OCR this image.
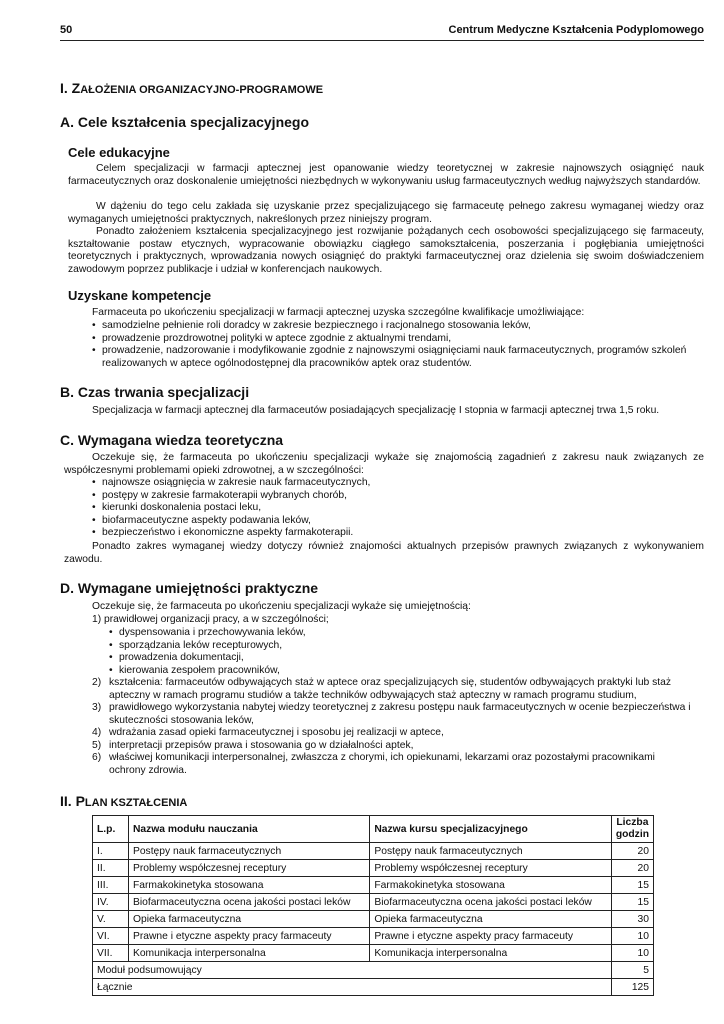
50	Centrum Medyczne Kształcenia Podyplomowego
I. ZAŁOŻENIA ORGANIZACYJNO-PROGRAMOWE
A. Cele kształcenia specjalizacyjnego
Cele edukacyjne

Celem specjalizacji w farmacji aptecznej jest opanowanie wiedzy teoretycznej w zakresie najnowszych osiągnięć nauk farmaceutycznych oraz doskonalenie umiejętności niezbędnych w wykonywaniu usług farmaceutycznych według najwyższych standardów.

W dążeniu do tego celu zakłada się uzyskanie przez specjalizującego się farmaceutę pełnego zakresu wymaganej wiedzy oraz wymaganych umiejętności praktycznych, nakreślonych przez niniejszy program.

Ponadto założeniem kształcenia specjalizacyjnego jest rozwijanie pożądanych cech osobowości specjalizującego się farmaceuty, kształtowanie postaw etycznych, wypracowanie obowiązku ciągłego samokształcenia, poszerzania i pogłębiania umiejętności teoretycznych i praktycznych, wprowadzania nowych osiągnięć do praktyki farmaceutycznej oraz dzielenia się swoim doświadczeniem zawodowym poprzez publikacje i udział w konferencjach naukowych.

Uzyskane kompetencje
Farmaceuta po ukończeniu specjalizacji w farmacji aptecznej uzyska szczególne kwalifikacje umożliwiające:
• samodzielne pełnienie roli doradcy w zakresie bezpiecznego i racjonalnego stosowania leków,
• prowadzenie prozdrowotnej polityki w aptece zgodnie z aktualnymi trendami,
• prowadzenie, nadzorowanie i modyfikowanie zgodnie z najnowszymi osiągnięciami nauk farmaceutycznych, programów szkoleń realizowanych w aptece ogólnodostępnej dla pracowników aptek oraz studentów.
B. Czas trwania specjalizacji
Specjalizacja w farmacji aptecznej dla farmaceutów posiadających specjalizację I stopnia w farmacji aptecznej trwa 1,5 roku.
C. Wymagana wiedza teoretyczna

Oczekuje się, że farmaceuta po ukończeniu specjalizacji wykaże się znajomością zagadnień z zakresu nauk związanych ze współczesnymi problemami opieki zdrowotnej, a w szczególności:

• najnowsze osiągnięcia w zakresie nauk farmaceutycznych,
• postępy w zakresie farmakoterapii wybranych chorób,
• kierunki doskonalenia postaci leku,
• biofarmaceutyczne aspekty podawania leków,
• bezpieczeństwo i ekonomiczne aspekty farmakoterapii.

Ponadto zakres wymaganej wiedzy dotyczy również znajomości aktualnych przepisów prawnych związanych z wykonywaniem zawodu.

D. Wymagane umiejętności praktyczne
Oczekuje się, że farmaceuta po ukończeniu specjalizacji wykaże się umiejętnością:
1) prawidłowej organizacji pracy, a w szczególności;
• dyspensowania i przechowywania leków,
• sporządzania leków recepturowych,
• prowadzenia dokumentacji,
• kierowania zespołem pracowników,
2) kształcenia: farmaceutów odbywających staż w aptece oraz specjalizujących się, studentów odbywających praktyki lub staż apteczny w ramach programu studiów a także techników odbywających staż apteczny w ramach programu studium,
3) prawidłowego wykorzystania nabytej wiedzy teoretycznej z zakresu postępu nauk farmaceutycznych w ocenie bezpieczeństwa i skuteczności stosowania leków,
4) wdrażania zasad opieki farmaceutycznej i sposobu jej realizacji w aptece,
5) interpretacji przepisów prawa i stosowania go w działalności aptek,
6) właściwej komunikacji interpersonalnej, zwłaszcza z chorymi, ich opiekunami, lekarzami oraz pozostałymi pracownikami ochrony zdrowia.
II. PLAN KSZTAŁCENIA
L.p.	Nazwa modułu nauczania	Nazwa kursu specjalizacyjnego	Liczba godzin
I.	Postępy nauk farmaceutycznych	Postępy nauk farmaceutycznych	20
II.	Problemy współczesnej receptury	Problemy współczesnej receptury	20
III.	Farmakokinetyka stosowana	Farmakokinetyka stosowana	15
IV.	Biofarmaceutyczna ocena jakości postaci leków	Biofarmaceutyczna ocena jakości postaci leków	15
V.	Opieka farmaceutyczna	Opieka farmaceutyczna	30
VI.	Prawne i etyczne aspekty pracy farmaceuty	Prawne i etyczne aspekty pracy farmaceuty	10
VII.	Komunikacja interpersonalna	Komunikacja interpersonalna	10
Moduł podsumowujący			5
Łącznie			125
